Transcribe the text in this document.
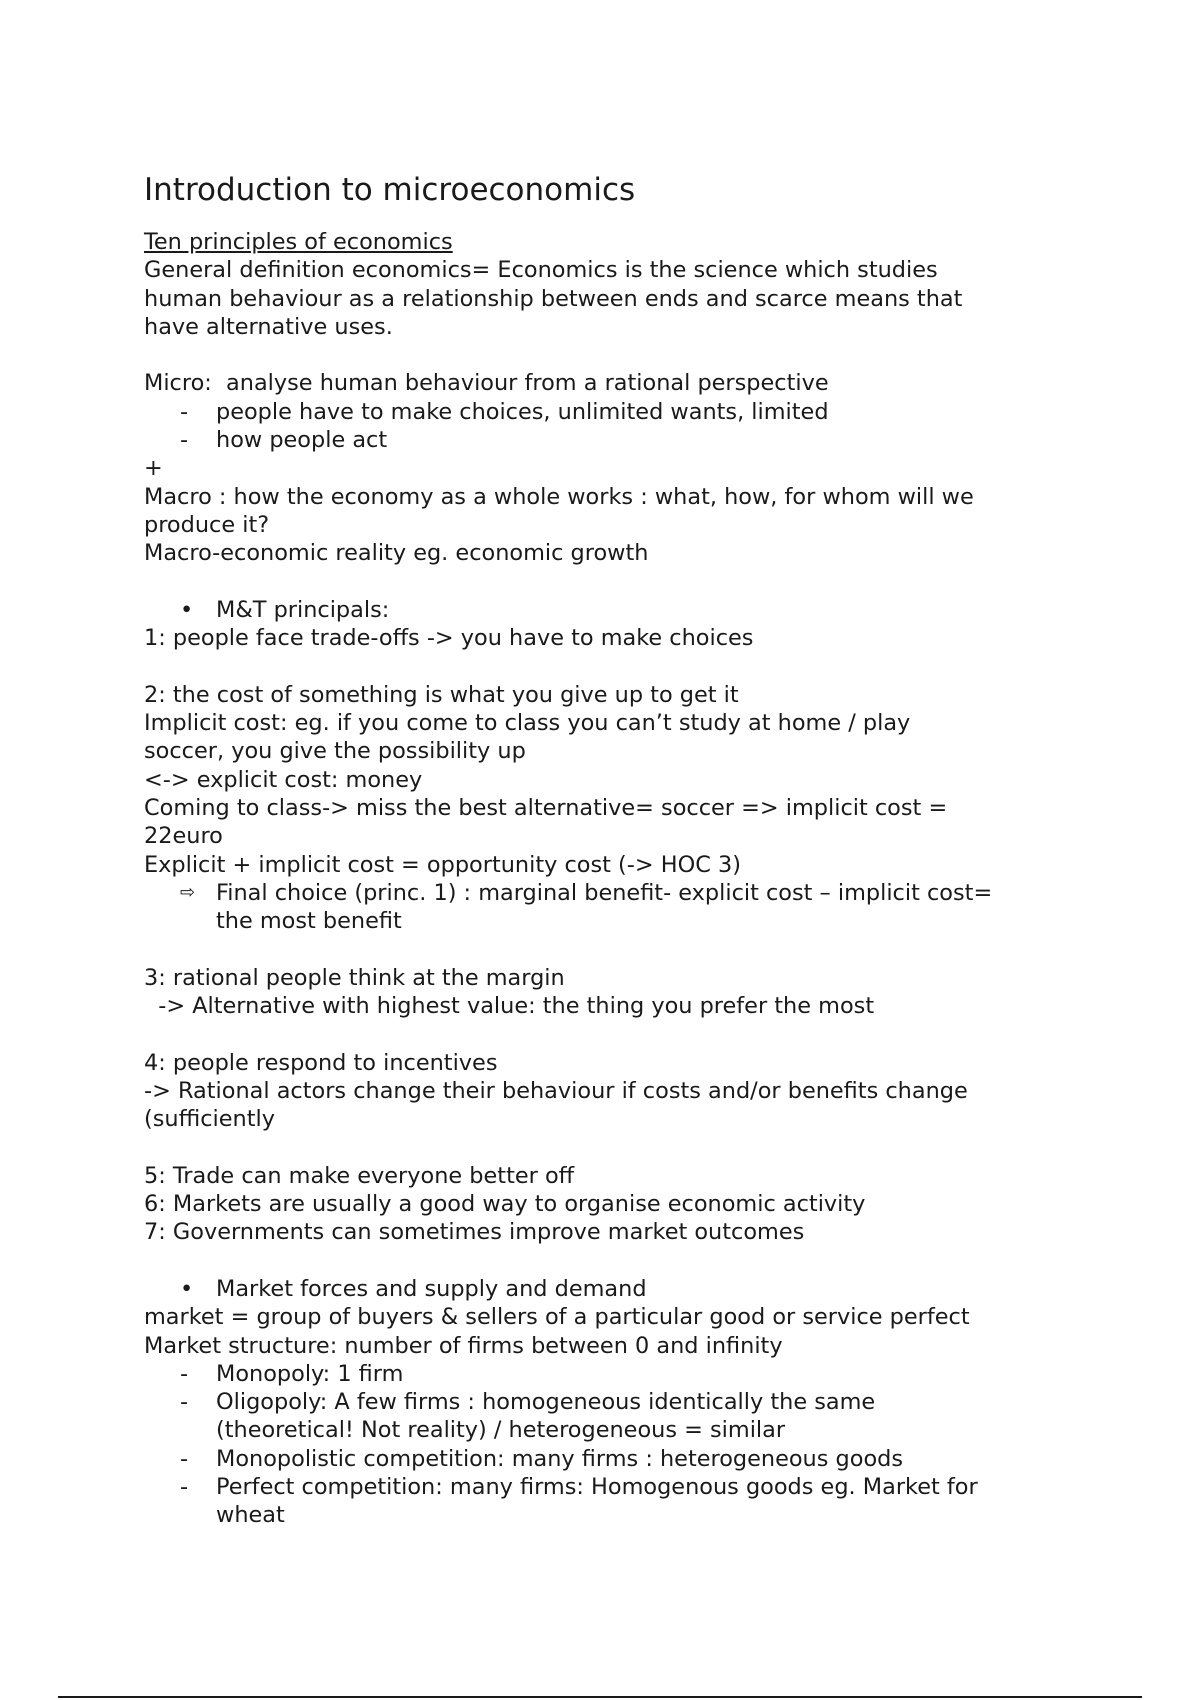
Introduction to microeconomics
Ten principles of economics
General definition economics= Economics is the science which studies
human behaviour as a relationship between ends and scarce means that
have alternative uses.
Micro:  analyse human behaviour from a rational perspective
-	people have to make choices, unlimited wants, limited
-	how people act
+
Macro : how the economy as a whole works : what, how, for whom will we
produce it?
Macro-economic reality eg. economic growth
•	M&T principals:
1: people face trade-offs -> you have to make choices
2: the cost of something is what you give up to get it
Implicit cost: eg. if you come to class you can’t study at home / play
soccer, you give the possibility up
<-> explicit cost: money
Coming to class-> miss the best alternative= soccer => implicit cost =
22euro
Explicit + implicit cost = opportunity cost (-> HOC 3)
⇨ Final choice (princ. 1) : marginal benefit- explicit cost – implicit cost=
the most benefit
3: rational people think at the margin
-> Alternative with highest value: the thing you prefer the most
4: people respond to incentives
-> Rational actors change their behaviour if costs and/or benefits change
(sufficiently
5: Trade can make everyone better off
6: Markets are usually a good way to organise economic activity
7: Governments can sometimes improve market outcomes
•	Market forces and supply and demand
market = group of buyers & sellers of a particular good or service perfect
Market structure: number of firms between 0 and infinity
-	Monopoly: 1 firm
-	Oligopoly: A few firms : homogeneous identically the same
(theoretical! Not reality) / heterogeneous = similar
-	Monopolistic competition: many firms : heterogeneous goods
-	Perfect competition: many firms: Homogenous goods eg. Market for
wheat
